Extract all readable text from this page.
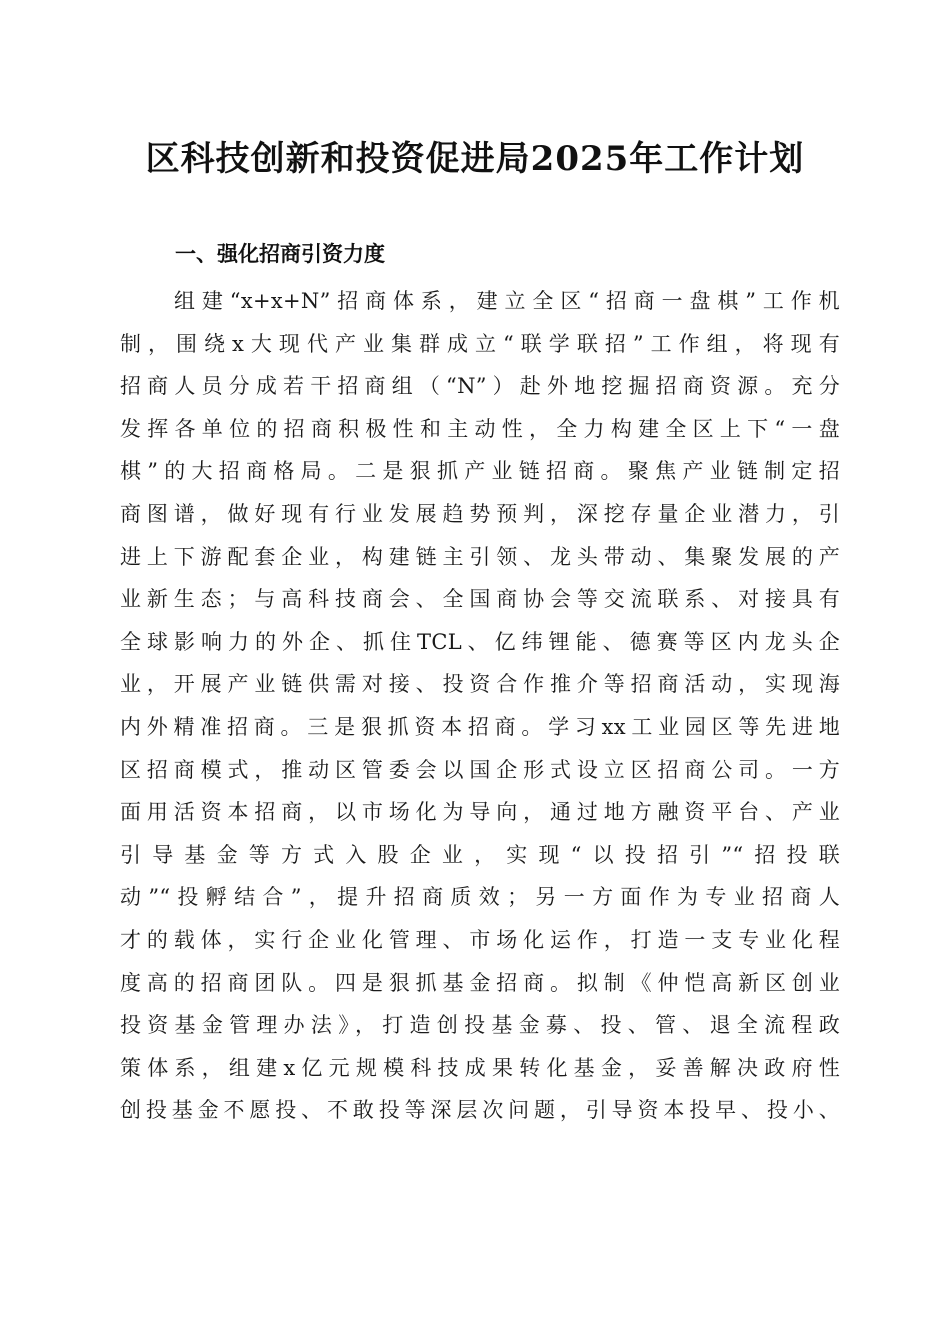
区科技创新和投资促进局2025年工作计划
一、强化招商引资力度
组建“x+x+N”招商体系，建立全区“招商一盘棋”工作机
制，围绕x大现代产业集群成立“联学联招”工作组，将现有
招商人员分成若干招商组（“N”）赴外地挖掘招商资源。充分
发挥各单位的招商积极性和主动性，全力构建全区上下“一盘
棋”的大招商格局。二是狠抓产业链招商。聚焦产业链制定招
商图谱，做好现有行业发展趋势预判，深挖存量企业潜力，引
进上下游配套企业，构建链主引领、龙头带动、集聚发展的产
业新生态；与高科技商会、全国商协会等交流联系、对接具有
全球影响力的外企、抓住TCL、亿纬锂能、德赛等区内龙头企
业，开展产业链供需对接、投资合作推介等招商活动，实现海
内外精准招商。三是狠抓资本招商。学习xx工业园区等先进地
区招商模式，推动区管委会以国企形式设立区招商公司。一方
面用活资本招商，以市场化为导向，通过地方融资平台、产业
引导基金等方式入股企业，实现“以投招引”“招投联
动”“投孵结合”，提升招商质效；另一方面作为专业招商人
才的载体，实行企业化管理、市场化运作，打造一支专业化程
度高的招商团队。四是狠抓基金招商。拟制《仲恺高新区创业
投资基金管理办法》，打造创投基金募、投、管、退全流程政
策体系，组建x亿元规模科技成果转化基金，妥善解决政府性
创投基金不愿投、不敢投等深层次问题，引导资本投早、投小、
